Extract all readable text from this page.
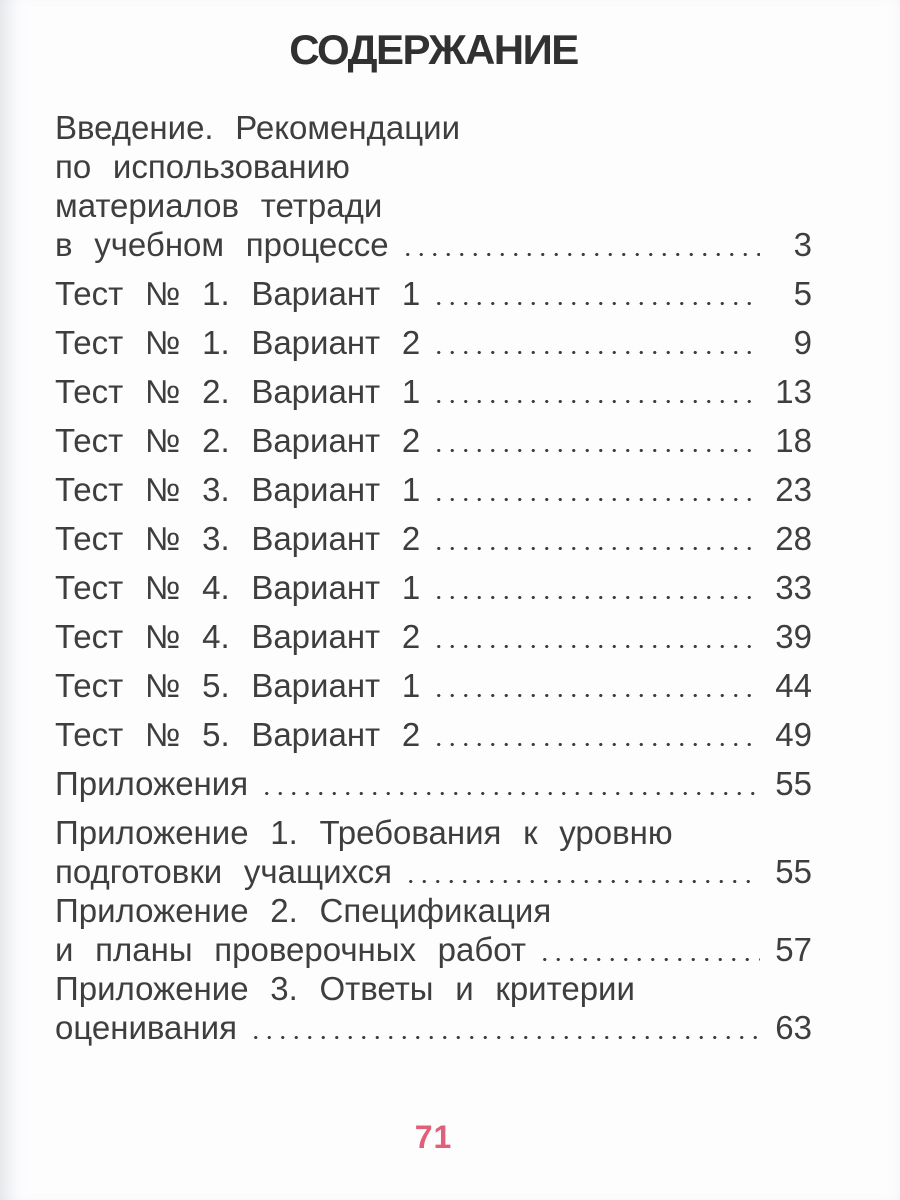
СОДЕРЖАНИЕ
Введение. Рекомендации
по использованию
материалов тетради
в учебном процессе	3
Тест № 1. Вариант 1	5
Тест № 1. Вариант 2	9
Тест № 2. Вариант 1	13
Тест № 2. Вариант 2	18
Тест № 3. Вариант 1	23
Тест № 3. Вариант 2	28
Тест № 4. Вариант 1	33
Тест № 4. Вариант 2	39
Тест № 5. Вариант 1	44
Тест № 5. Вариант 2	49
Приложения	55
Приложение 1. Требования к уровню
подготовки учащихся	55
Приложение 2. Спецификация
и планы проверочных работ	57
Приложение 3. Ответы и критерии
оценивания	63
71
